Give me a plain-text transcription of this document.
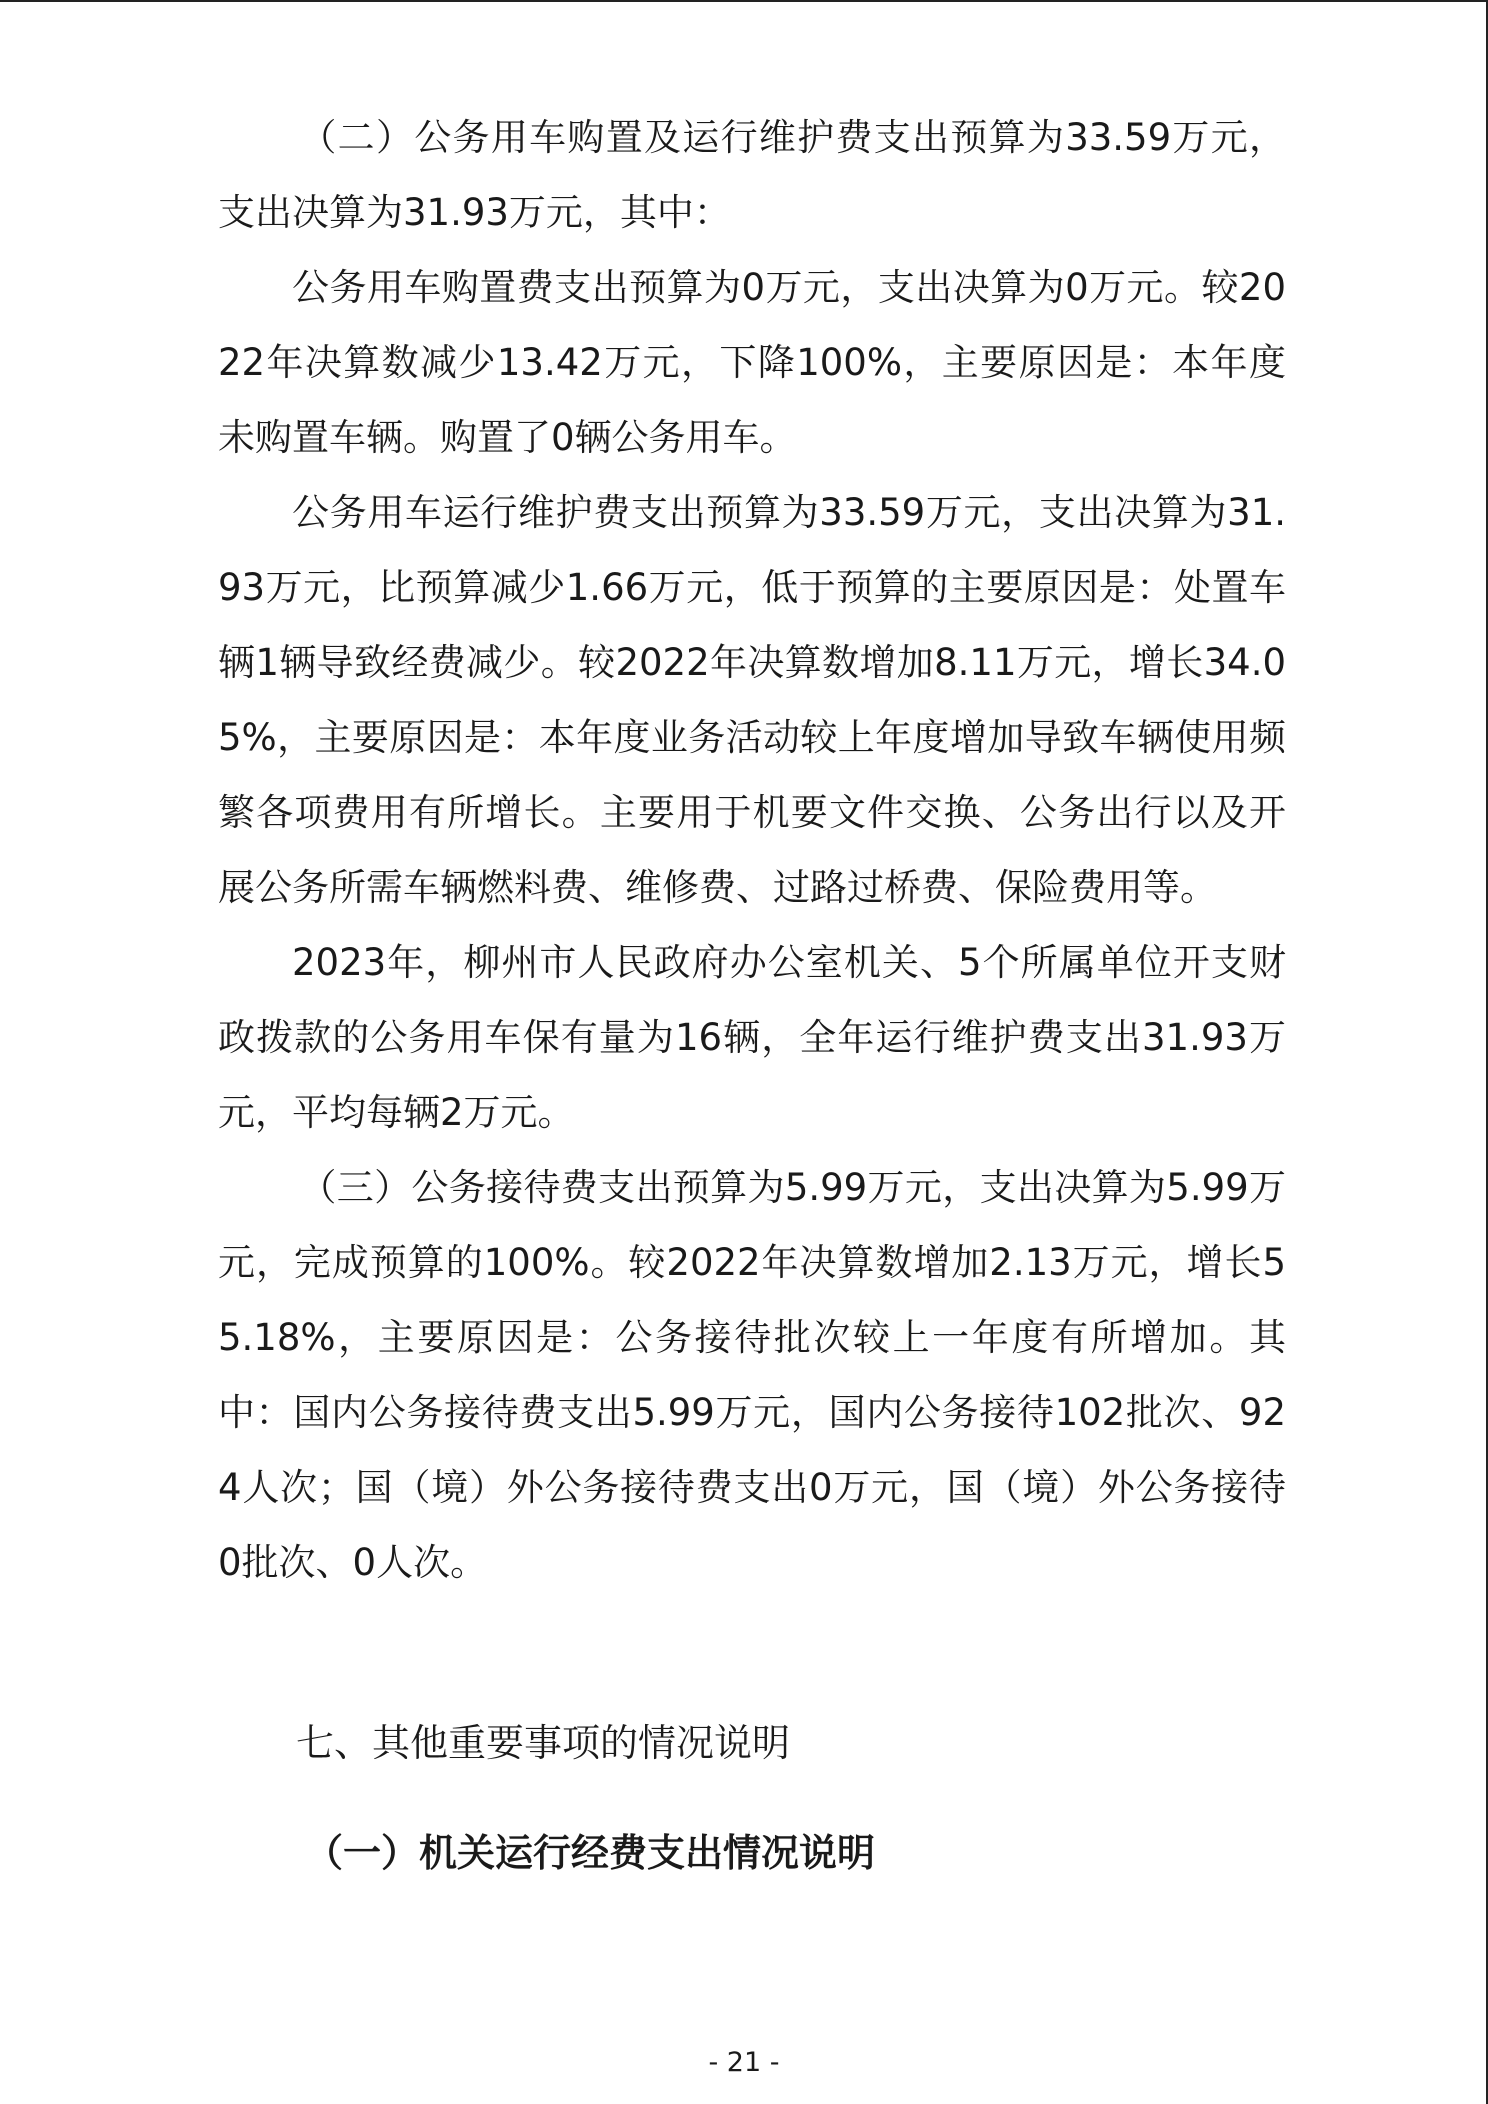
（二）公务用车购置及运行维护费支出预算为33.59万元，支出决算为31.93万元，其中：

公务用车购置费支出预算为0万元，支出决算为0万元。较2022年决算数减少13.42万元，下降100%，主要原因是：本年度未购置车辆。购置了0辆公务用车。

公务用车运行维护费支出预算为33.59万元，支出决算为31.93万元，比预算减少1.66万元，低于预算的主要原因是：处置车辆1辆导致经费减少。较2022年决算数增加8.11万元，增长34.05%，主要原因是：本年度业务活动较上年度增加导致车辆使用频繁各项费用有所增长。主要用于机要文件交换、公务出行以及开展公务所需车辆燃料费、维修费、过路过桥费、保险费用等。

2023年，柳州市人民政府办公室机关、5个所属单位开支财政拨款的公务用车保有量为16辆，全年运行维护费支出31.93万元，平均每辆2万元。

（三）公务接待费支出预算为5.99万元，支出决算为5.99万元，完成预算的100%。较2022年决算数增加2.13万元，增长55.18%，主要原因是：公务接待批次较上一年度有所增加。其中：国内公务接待费支出5.99万元，国内公务接待102批次、924人次；国（境）外公务接待费支出0万元，国（境）外公务接待0批次、0人次。

七、其他重要事项的情况说明
（一）机关运行经费支出情况说明
- 21 -
